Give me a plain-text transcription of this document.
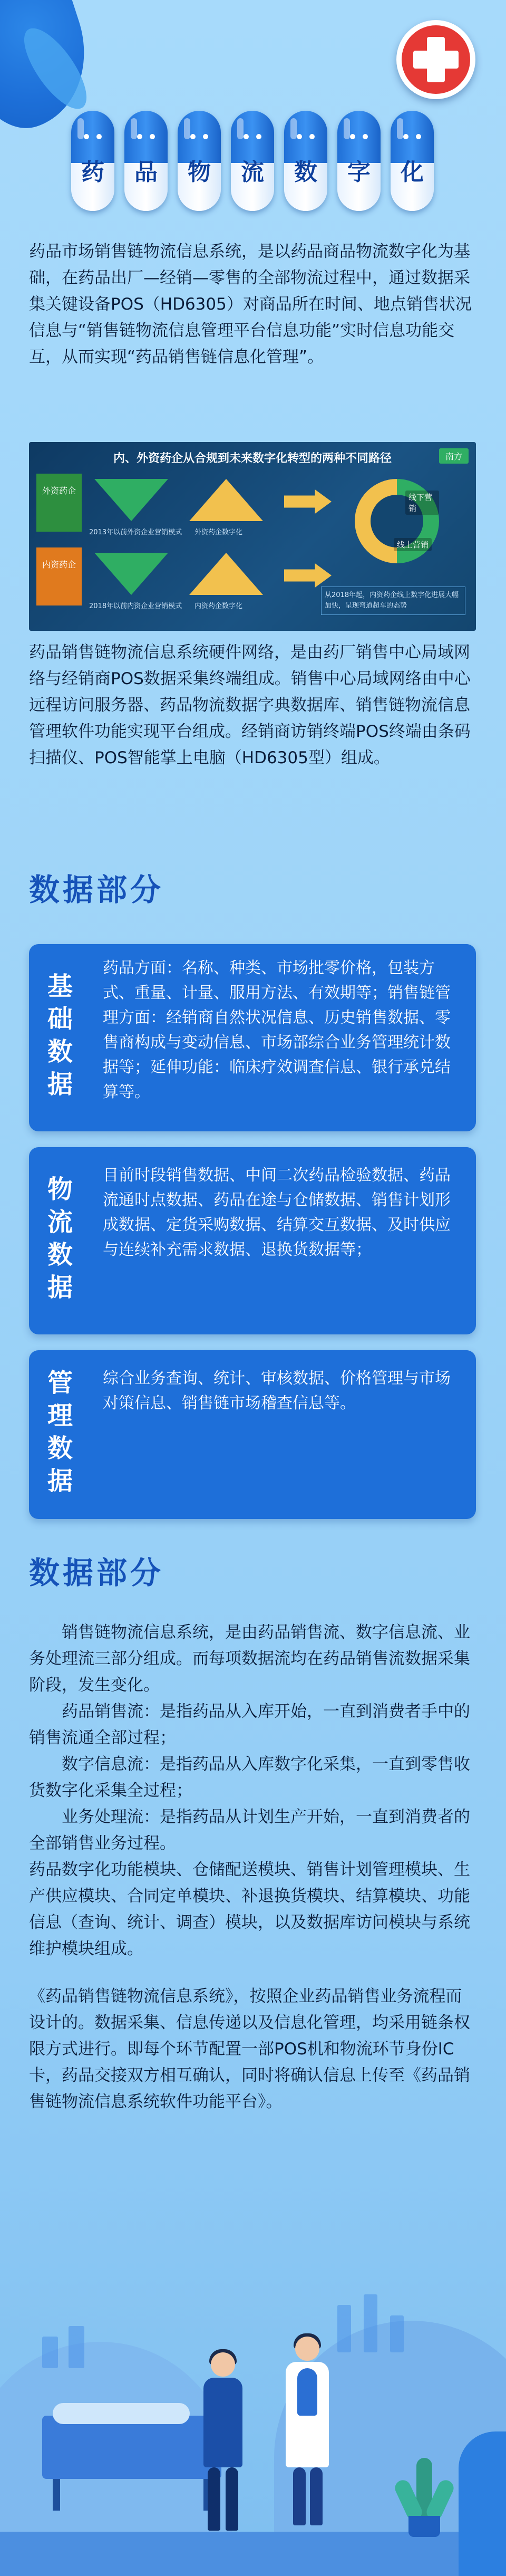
药	品	物	流	数	字	化
药品市场销售链物流信息系统，是以药品商品物流数字化为基础，在药品出厂—经销—零售的全部物流过程中，通过数据采集关键设备POS（HD6305）对商品所在时间、地点销售状况信息与“销售链物流信息管理平台信息功能”实时信息功能交互，从而实现“药品销售链信息化管理”。
内、外资药企从合规到未来数字化转型的两种不同路径	南方
外资药企
2013年以前外资企业营销模式 外资药企数字化
内资药企
2018年以前内资企业营销模式 内资药企数字化
线下营销
线上营销
从2018年起，内资药企线上数字化进展大幅加快，呈现弯道超车的态势
药品销售链物流信息系统硬件网络，是由药厂销售中心局域网络与经销商POS数据采集终端组成。销售中心局域网络由中心远程访问服务器、药品物流数据字典数据库、销售链物流信息管理软件功能实现平台组成。经销商访销终端POS终端由条码扫描仪、POS智能掌上电脑（HD6305型）组成。
数据部分
基础数据
药品方面：名称、种类、市场批零价格，包装方式、重量、计量、服用方法、有效期等；销售链管理方面：经销商自然状况信息、历史销售数据、零售商构成与变动信息、市场部综合业务管理统计数据等；延伸功能：临床疗效调查信息、银行承兑结算等。
物流数据 目前时段销售数据、中间二次药品检验数据、药品流通时点数据、药品在途与仓储数据、销售计划形成数据、定货采购数据、结算交互数据、及时供应与连续补充需求数据、退换货数据等；
管理数据 综合业务查询、统计、审核数据、价格管理与市场对策信息、销售链市场稽查信息等。
数据部分
销售链物流信息系统，是由药品销售流、数字信息流、业务处理流三部分组成。而每项数据流均在药品销售流数据采集阶段，发生变化。
药品销售流：是指药品从入库开始，一直到消费者手中的销售流通全部过程；
数字信息流：是指药品从入库数字化采集，一直到零售收货数字化采集全过程；
业务处理流：是指药品从计划生产开始，一直到消费者的全部销售业务过程。
药品数字化功能模块、仓储配送模块、销售计划管理模块、生产供应模块、合同定单模块、补退换货模块、结算模块、功能信息（查询、统计、调查）模块，以及数据库访问模块与系统维护模块组成。
《药品销售链物流信息系统》，按照企业药品销售业务流程而设计的。数据采集、信息传递以及信息化管理，均采用链条权限方式进行。即每个环节配置一部POS机和物流环节身份IC卡，药品交接双方相互确认，同时将确认信息上传至《药品销售链物流信息系统软件功能平台》。
